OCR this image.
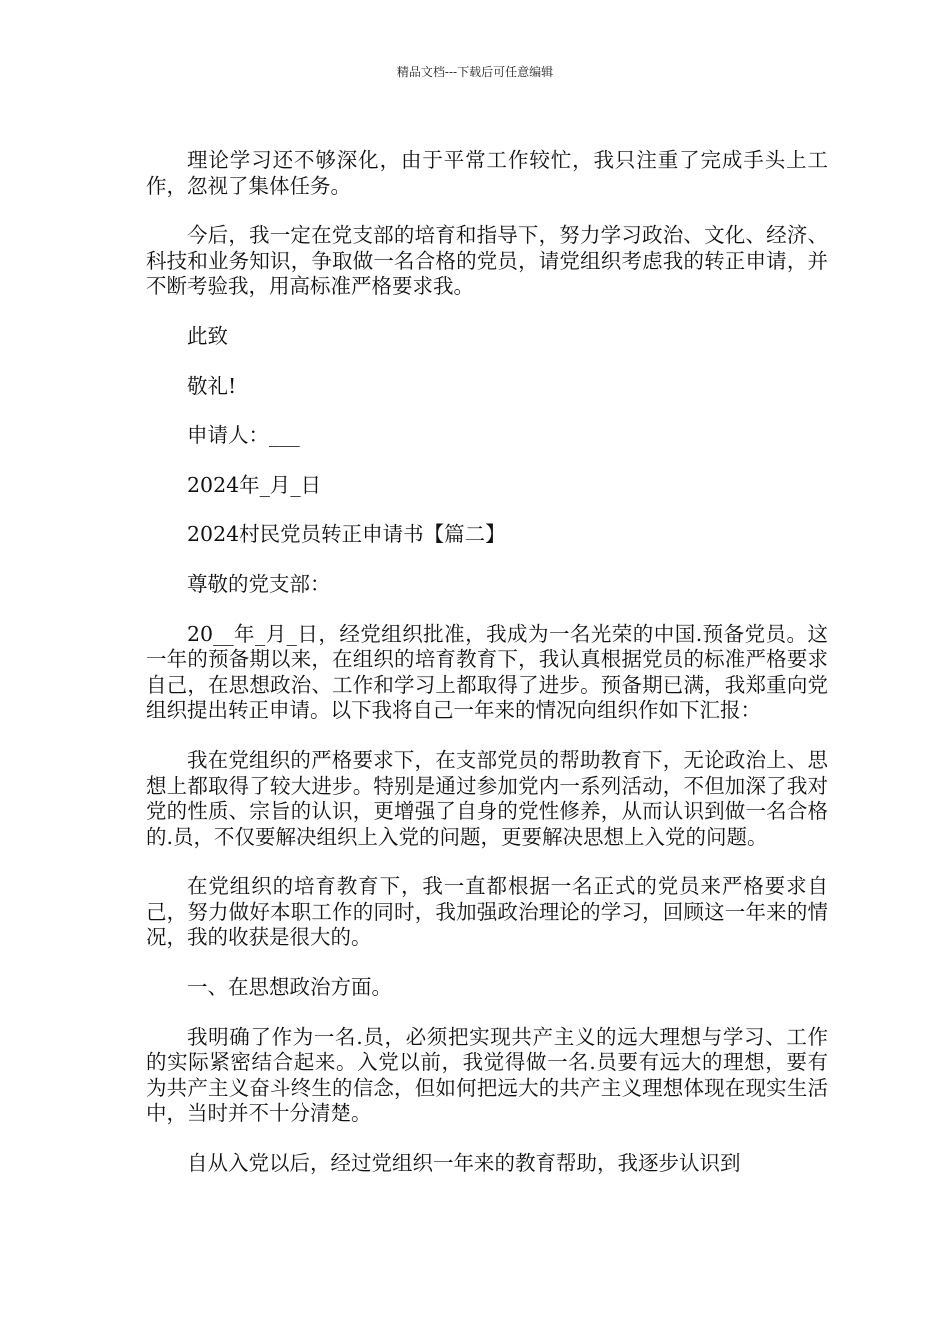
精品文档---下载后可任意编辑

理论学习还不够深化，由于平常工作较忙，我只注重了完成手头上工作，忽视了集体任务。

今后，我一定在党支部的培育和指导下，努力学习政治、文化、经济、科技和业务知识，争取做一名合格的党员，请党组织考虑我的转正申请，并不断考验我，用高标准严格要求我。

此致

敬礼!

申请人：___

2024年_月_日

2024村民党员转正申请书【篇二】

尊敬的党支部：

20__年_月_日，经党组织批准，我成为一名光荣的中国.预备党员。这一年的预备期以来，在组织的培育教育下，我认真根据党员的标准严格要求自己，在思想政治、工作和学习上都取得了进步。预备期已满，我郑重向党组织提出转正申请。以下我将自己一年来的情况向组织作如下汇报：

我在党组织的严格要求下，在支部党员的帮助教育下，无论政治上、思想上都取得了较大进步。特别是通过参加党内一系列活动，不但加深了我对党的性质、宗旨的认识，更增强了自身的党性修养，从而认识到做一名合格的.员，不仅要解决组织上入党的问题，更要解决思想上入党的问题。

在党组织的培育教育下，我一直都根据一名正式的党员来严格要求自己，努力做好本职工作的同时，我加强政治理论的学习，回顾这一年来的情况，我的收获是很大的。

一、在思想政治方面。

我明确了作为一名.员，必须把实现共产主义的远大理想与学习、工作的实际紧密结合起来。入党以前，我觉得做一名.员要有远大的理想，要有为共产主义奋斗终生的信念，但如何把远大的共产主义理想体现在现实生活中，当时并不十分清楚。

自从入党以后，经过党组织一年来的教育帮助，我逐步认识到
